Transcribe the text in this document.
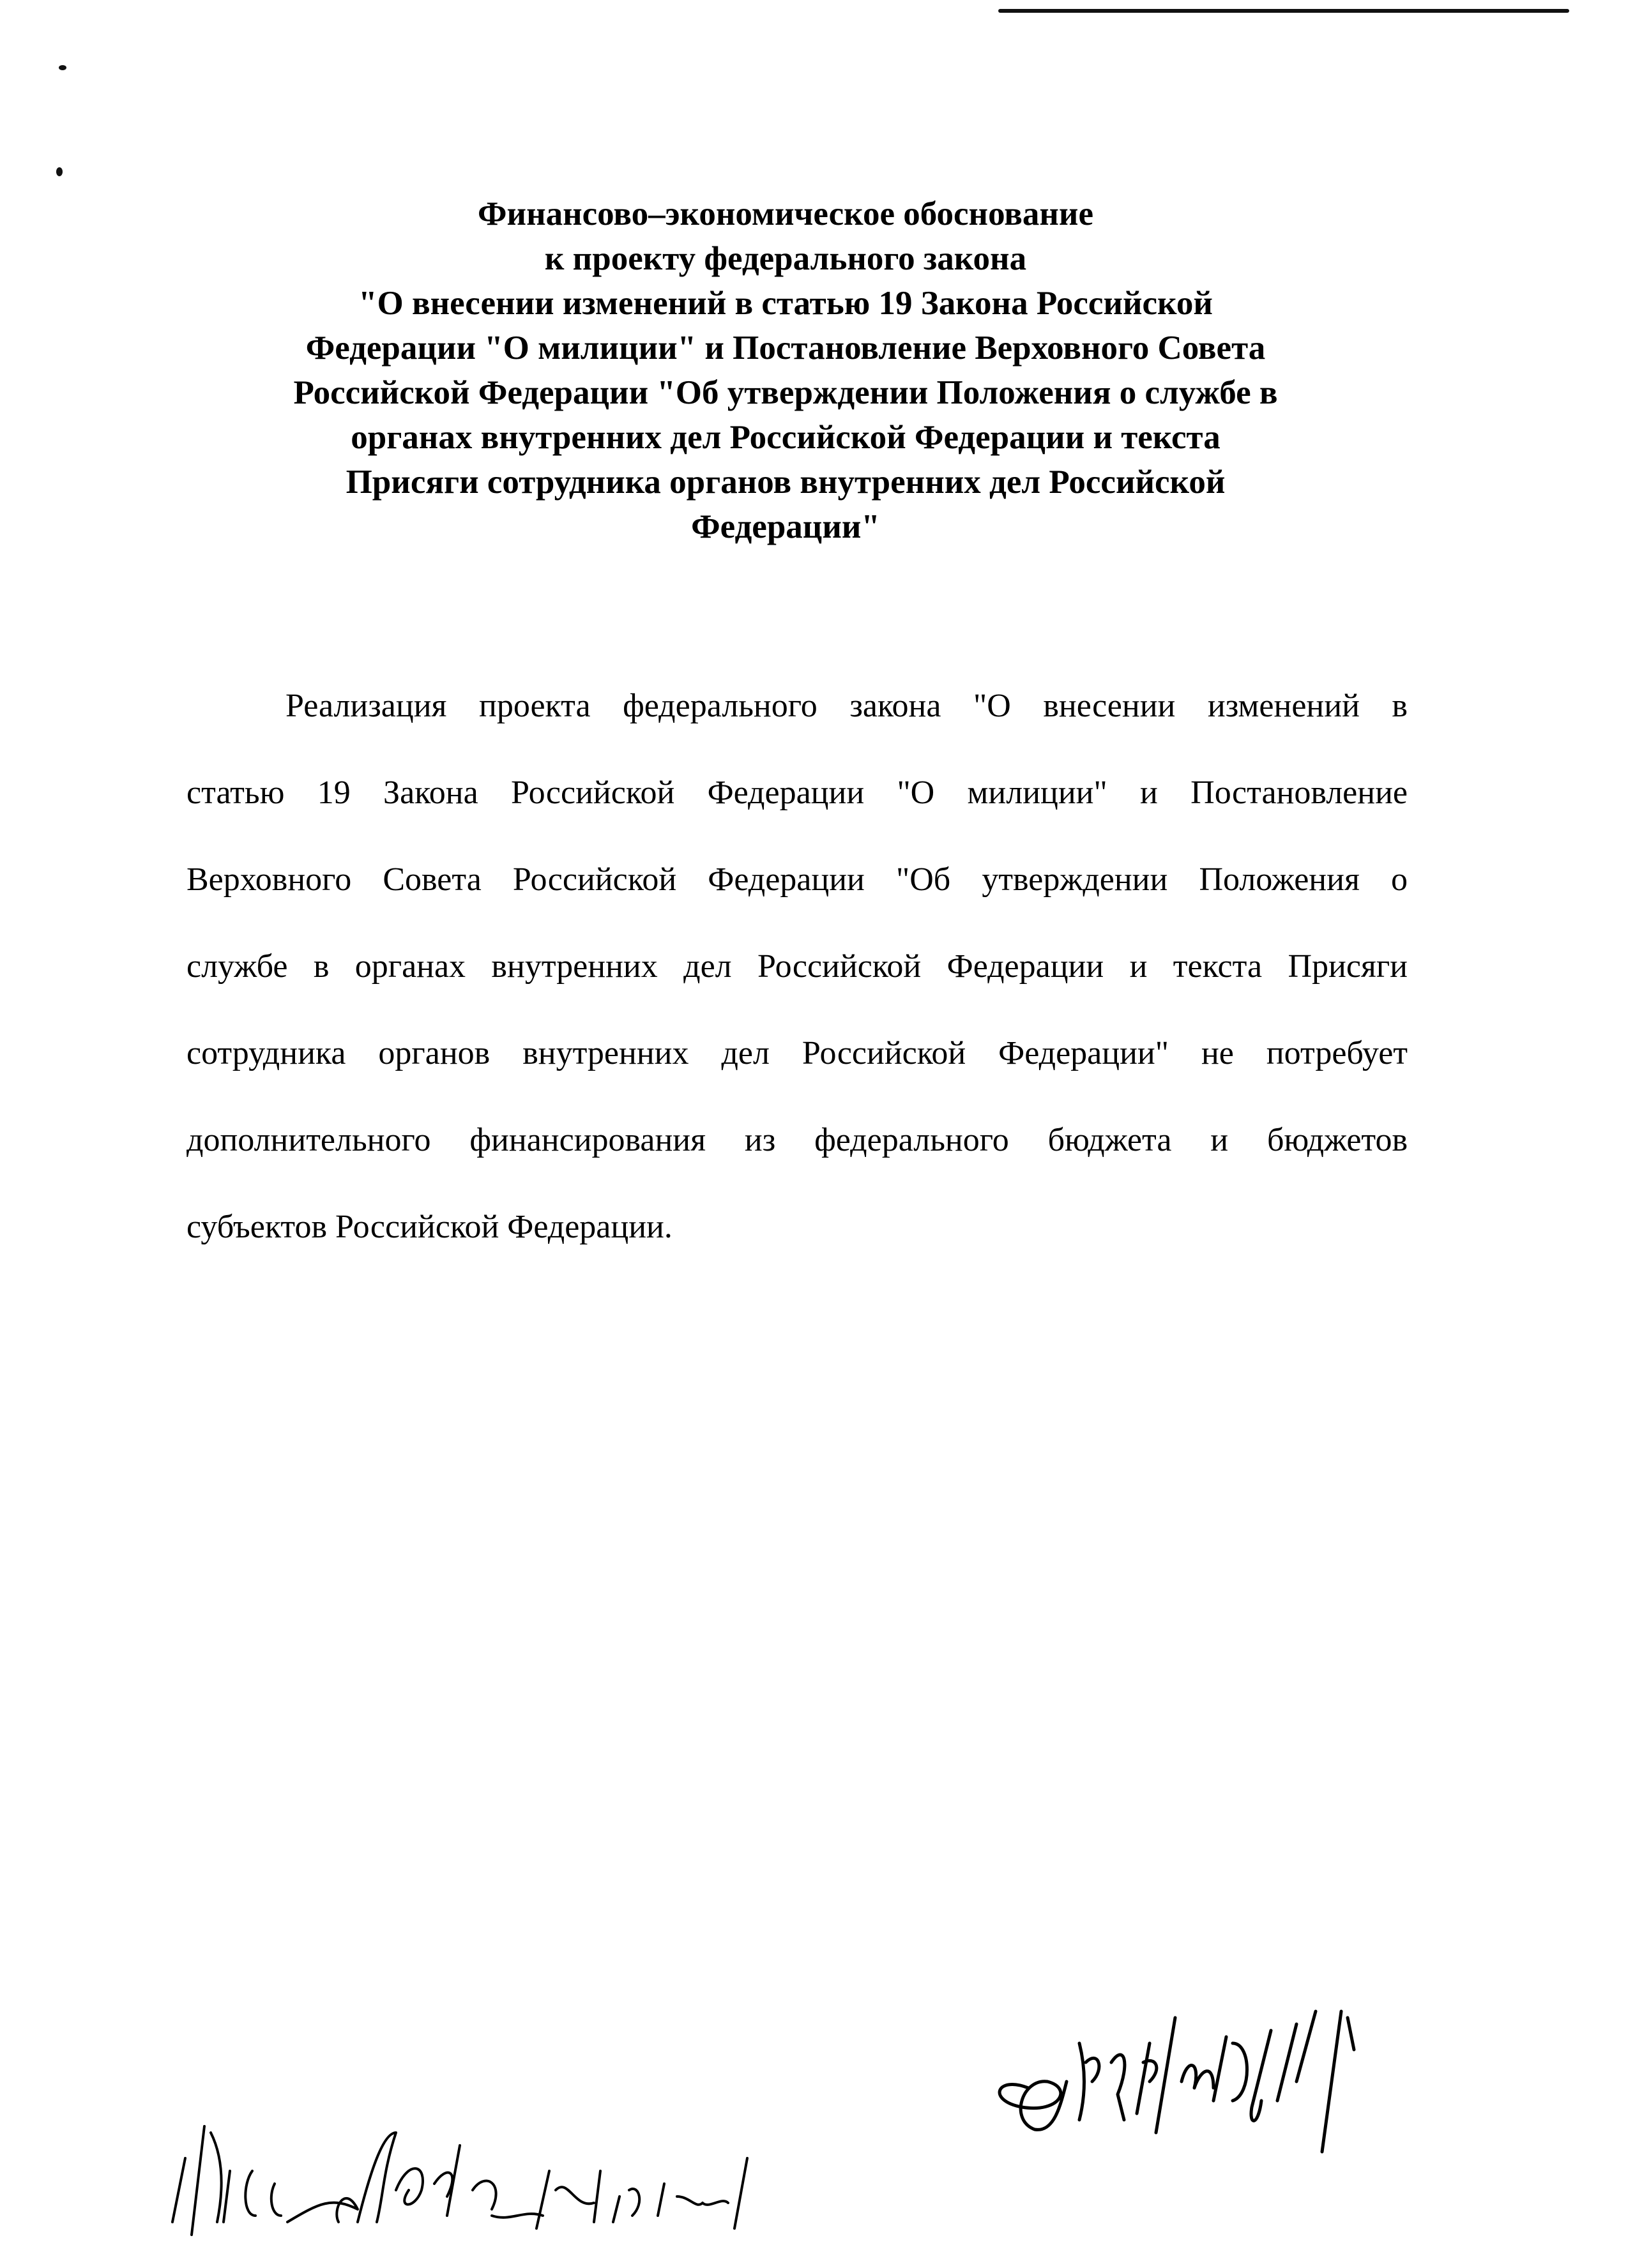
Финансово–экономическое обоснование
к проекту федерального закона
"О внесении изменений в статью 19 Закона Российской
Федерации "О милиции" и Постановление Верховного Совета
Российской Федерации "Об утверждении Положения о службе в
органах внутренних дел Российской Федерации и текста
Присяги сотрудника органов внутренних дел Российской
Федерации"
Реализация проекта федерального закона "О внесении изменений в
статью 19 Закона Российской Федерации "О милиции" и Постановление
Верховного Совета Российской Федерации "Об утверждении Положения о
службе в органах внутренних дел Российской Федерации и текста Присяги
сотрудника органов внутренних дел Российской Федерации" не потребует
дополнительного финансирования из федерального бюджета и бюджетов
субъектов Российской Федерации.
